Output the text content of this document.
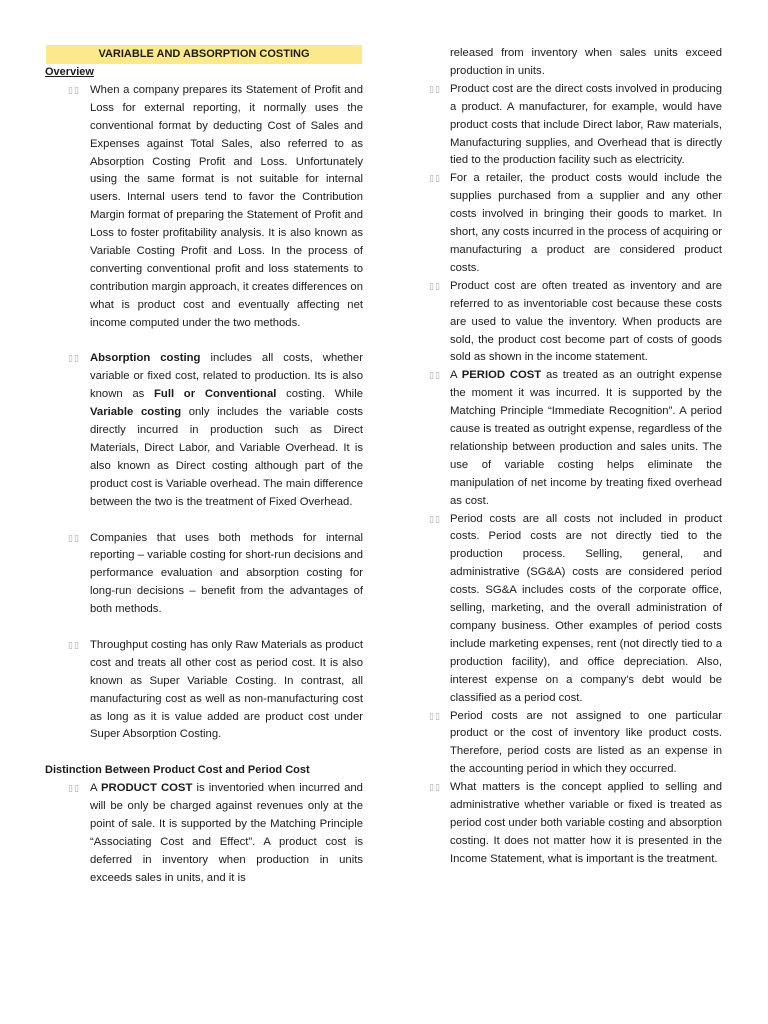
VARIABLE AND ABSORPTION COSTING
Overview
▯▯ When a company prepares its Statement of Profit and Loss for external reporting, it normally uses the conventional format by deducting Cost of Sales and Expenses against Total Sales, also referred to as Absorption Costing Profit and Loss. Unfortunately using the same format is not suitable for internal users. Internal users tend to favor the Contribution Margin format of preparing the Statement of Profit and Loss to foster profitability analysis. It is also known as Variable Costing Profit and Loss. In the process of converting conventional profit and loss statements to contribution margin approach, it creates differences on what is product cost and eventually affecting net income computed under the two methods.

▯▯ Absorption costing includes all costs, whether variable or fixed cost, related to production. Its is also known as Full or Conventional costing. While Variable costing only includes the variable costs directly incurred in production such as Direct Materials, Direct Labor, and Variable Overhead. It is also known as Direct costing although part of the product cost is Variable overhead. The main difference between the two is the treatment of Fixed Overhead.

▯▯ Companies that uses both methods for internal reporting – variable costing for short-run decisions and performance evaluation and absorption costing for long-run decisions – benefit from the advantages of both methods.

▯▯ Throughput costing has only Raw Materials as product cost and treats all other cost as period cost. It is also known as Super Variable Costing. In contrast, all manufacturing cost as well as non-manufacturing cost as long as it is value added are product cost under Super Absorption Costing.

Distinction Between Product Cost and Period Cost
▯▯ A PRODUCT COST is inventoried when incurred and will be only be charged against revenues only at the point of sale. It is supported by the Matching Principle “Associating Cost and Effect”. A product cost is deferred in inventory when production in units exceeds sales in units, and it is

released from inventory when sales units exceed production in units.

▯▯ Product cost are the direct costs involved in producing a product. A manufacturer, for example, would have product costs that include Direct labor, Raw materials, Manufacturing supplies, and Overhead that is directly tied to the production facility such as electricity.

▯▯ For a retailer, the product costs would include the supplies purchased from a supplier and any other costs involved in bringing their goods to market. In short, any costs incurred in the process of acquiring or manufacturing a product are considered product costs.

▯▯ Product cost are often treated as inventory and are referred to as inventoriable cost because these costs are used to value the inventory. When products are sold, the product cost become part of costs of goods sold as shown in the income statement.

▯▯ A PERIOD COST as treated as an outright expense the moment it was incurred. It is supported by the Matching Principle “Immediate Recognition”. A period cause is treated as outright expense, regardless of the relationship between production and sales units. The use of variable costing helps eliminate the manipulation of net income by treating fixed overhead as cost.

▯▯ Period costs are all costs not included in product costs. Period costs are not directly tied to the production process. Selling, general, and administrative (SG&A) costs are considered period costs. SG&A includes costs of the corporate office, selling, marketing, and the overall administration of company business. Other examples of period costs include marketing expenses, rent (not directly tied to a production facility), and office depreciation. Also, interest expense on a company's debt would be classified as a period cost.

▯▯ Period costs are not assigned to one particular product or the cost of inventory like product costs. Therefore, period costs are listed as an expense in the accounting period in which they occurred.

▯▯ What matters is the concept applied to selling and administrative whether variable or fixed is treated as period cost under both variable costing and absorption costing. It does not matter how it is presented in the Income Statement, what is important is the treatment.
